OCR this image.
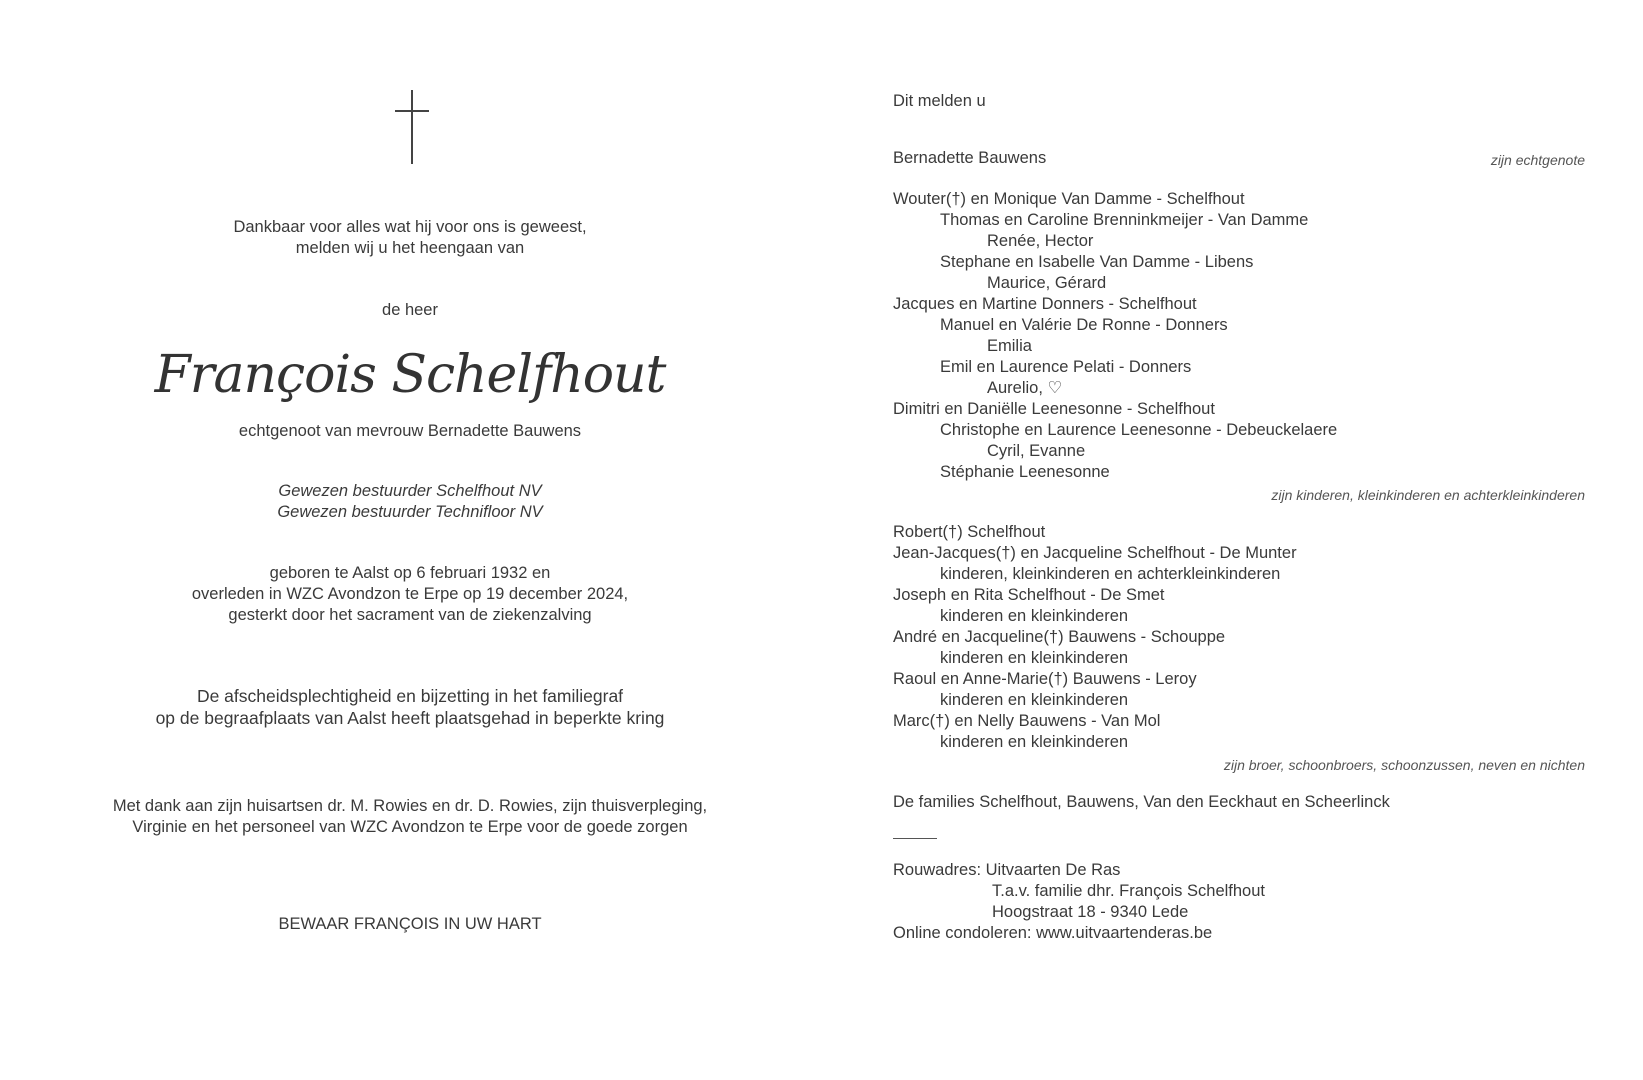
Dankbaar voor alles wat hij voor ons is geweest,
melden wij u het heengaan van
de heer
François Schelfhout
echtgenoot van mevrouw Bernadette Bauwens
Gewezen bestuurder Schelfhout NV
Gewezen bestuurder Technifloor NV
geboren te Aalst op 6 februari 1932 en
overleden in WZC Avondzon te Erpe op 19 december 2024,
gesterkt door het sacrament van de ziekenzalving
De afscheidsplechtigheid en bijzetting in het familiegraf
op de begraafplaats van Aalst heeft plaatsgehad in beperkte kring
Met dank aan zijn huisartsen dr. M. Rowies en dr. D. Rowies, zijn thuisverpleging,
Virginie en het personeel van WZC Avondzon te Erpe voor de goede zorgen
BEWAAR FRANÇOIS IN UW HART
Dit melden u
Bernadette Bauwens	zijn echtgenote
Wouter(†) en Monique Van Damme - Schelfhout
Thomas en Caroline Brenninkmeijer - Van Damme
Renée, Hector
Stephane en Isabelle Van Damme - Libens
Maurice, Gérard
Jacques en Martine Donners - Schelfhout
Manuel en Valérie De Ronne - Donners
Emilia
Emil en Laurence Pelati - Donners
Aurelio, ♡
Dimitri en Daniëlle Leenesonne - Schelfhout
Christophe en Laurence Leenesonne - Debeuckelaere
Cyril, Evanne
Stéphanie Leenesonne
zijn kinderen, kleinkinderen en achterkleinkinderen
Robert(†) Schelfhout
Jean-Jacques(†) en Jacqueline Schelfhout - De Munter
kinderen, kleinkinderen en achterkleinkinderen
Joseph en Rita Schelfhout - De Smet
kinderen en kleinkinderen
André en Jacqueline(†) Bauwens - Schouppe
kinderen en kleinkinderen
Raoul en Anne-Marie(†) Bauwens - Leroy
kinderen en kleinkinderen
Marc(†) en Nelly Bauwens - Van Mol
kinderen en kleinkinderen
zijn broer, schoonbroers, schoonzussen, neven en nichten
De families Schelfhout, Bauwens, Van den Eeckhaut en Scheerlinck
Rouwadres: Uitvaarten De Ras
T.a.v. familie dhr. François Schelfhout
Hoogstraat 18 - 9340 Lede
Online condoleren: www.uitvaartenderas.be
